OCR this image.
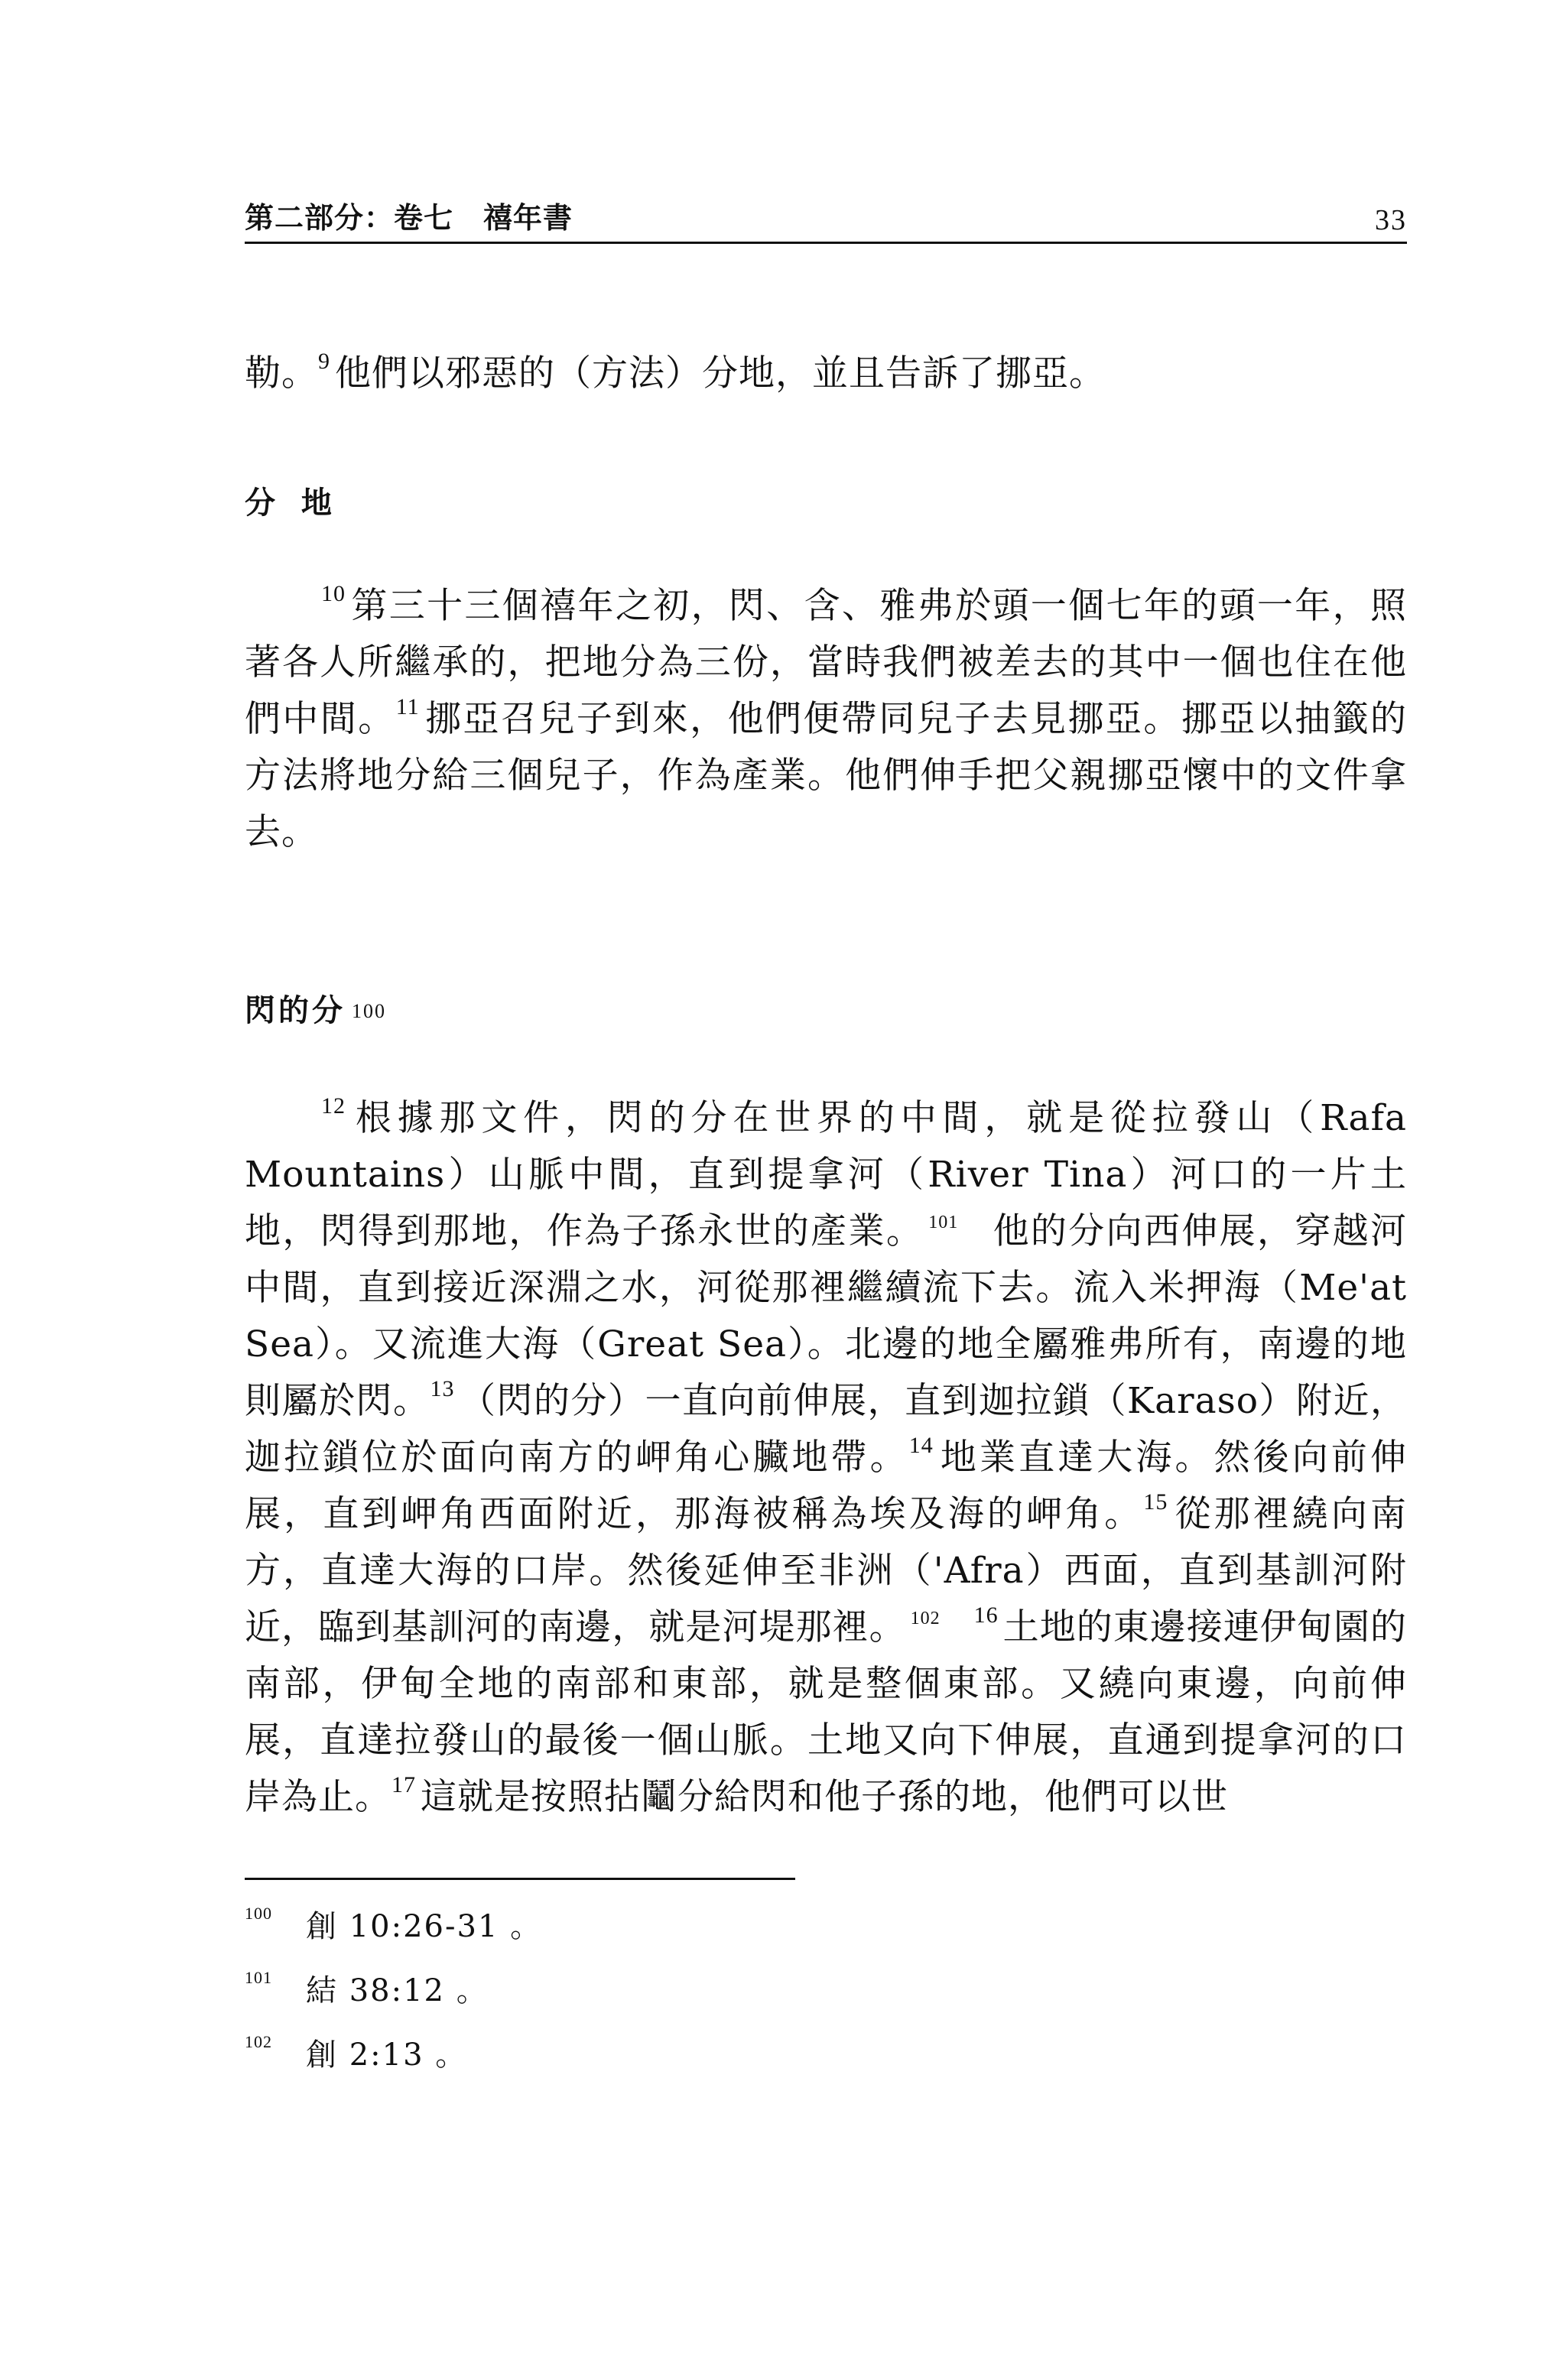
第二部分：卷七　禧年書	33

勒。$^9$ 他們以邪惡的（方法）分地，並且告訴了挪亞。

分 地

$^{10}$ 第三十三個禧年之初，閃、含、雅弗於頭一個七年的頭一年，照著各人所繼承的，把地分為三份，當時我們被差去的其中一個也住在他們中間。$^{11}$ 挪亞召兒子到來，他們便帶同兒子去見挪亞。挪亞以抽籤的方法將地分給三個兒子，作為產業。他們伸手把父親挪亞懷中的文件拿去。

閃的分 100

$^{12}$ 根據那文件，閃的分在世界的中間，就是從拉發山（Rafa Mountains）山脈中間，直到提拿河（River Tina）河口的一片土地，閃得到那地，作為子孫永世的產業。 $^{101}$ 他的分向西伸展，穿越河中間，直到接近深淵之水，河從那裡繼續流下去。流入米押海（Me'at Sea）。又流進大海（Great Sea）。北邊的地全屬雅弗所有，南邊的地則屬於閃。$^{13}$ （閃的分）一直向前伸展，直到迦拉鎖（Karaso）附近，迦拉鎖位於面向南方的岬角心臟地帶。$^{14}$ 地業直達大海。然後向前伸展，直到岬角西面附近，那海被稱為埃及海的岬角。$^{15}$ 從那裡繞向南方，直達大海的口岸。然後延伸至非洲（'Afra）西面，直到基訓河附近，臨到基訓河的南邊，就是河堤那裡。 $^{102}$ $^{16}$ 土地的東邊接連伊甸園的南部，伊甸全地的南部和東部，就是整個東部。又繞向東邊，向前伸展，直達拉發山的最後一個山脈。土地又向下伸展，直通到提拿河的口岸為止。$^{17}$ 這就是按照拈鬮分給閃和他子孫的地，他們可以世

100 創 10:26-31 。
101 結 38:12 。
102 創 2:13 。
